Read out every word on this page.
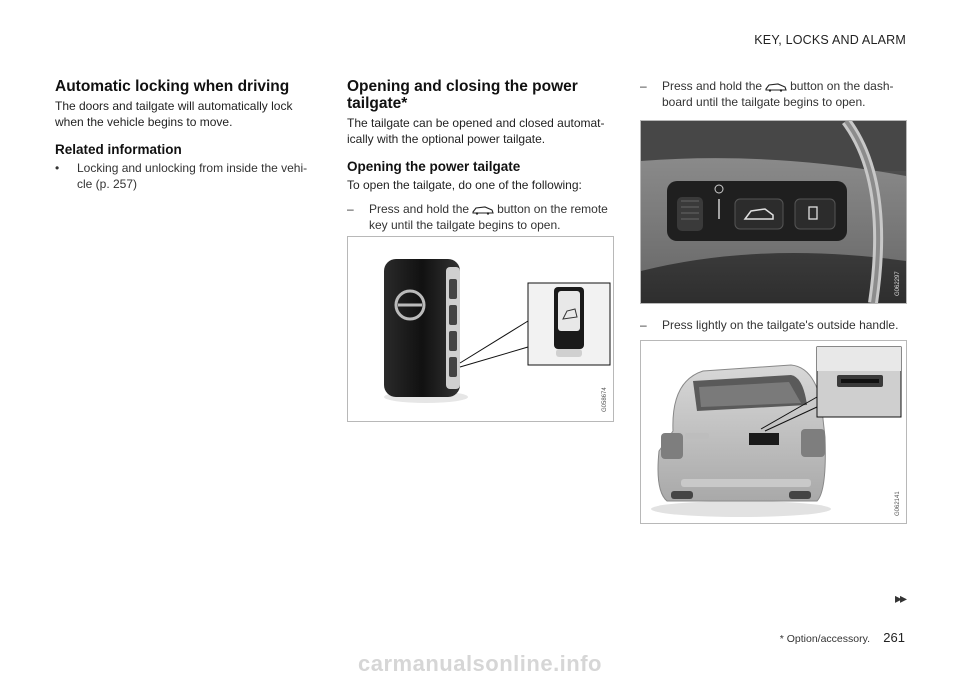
KEY, LOCKS AND ALARM
Automatic locking when driving

The doors and tailgate will automatically lock when the vehicle begins to move.

Related information
•	Locking and unlocking from inside the vehi-cle (p. 257)
Opening and closing the power tailgate*

The tailgate can be opened and closed automat-ically with the optional power tailgate.

Opening the power tailgate

To open the tailgate, do one of the following:

–	Press and hold the button on the remote key until the tailgate begins to open.
G058674
–	Press and hold the button on the dash-board until the tailgate begins to open.
G062297
–	Press lightly on the tailgate's outside handle.
G062141
▸▸
* Option/accessory. 261
carmanualsonline.info
